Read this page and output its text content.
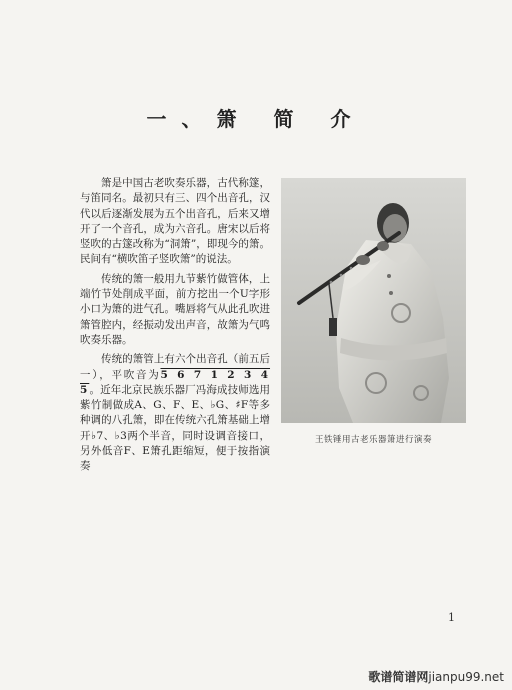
一、箫 简 介

箫是中国古老吹奏乐器，古代称篴，与笛同名。最初只有三、四个出音孔，汉代以后逐渐发展为五个出音孔，后来又增开了一个音孔，成为六音孔。唐宋以后将竖吹的古篴改称为“洞箫”，即现今的箫。民间有“横吹笛子竖吹箫”的说法。

传统的箫一般用九节紫竹做管体，上端竹节处削成平面，前方挖出一个U字形小口为箫的进气孔。嘴唇将气从此孔吹进箫管腔内，经振动发出声音，故箫为气鸣吹奏乐器。

传统的箫管上有六个出音孔（前五后一），平吹音为5 6 7 1 2 3 4 5。近年北京民族乐器厂冯海成技师选用紫竹制做成A、G、F、E、♭G、♯F等多种调的八孔箫，即在传统六孔箫基础上增开♭7、♭3两个半音，同时设调音接口，另外低音F、E箫孔距缩短，便于按指演奏

王铁锤用古老乐器箫进行演奏
1
歌谱简谱网jianpu99.net
